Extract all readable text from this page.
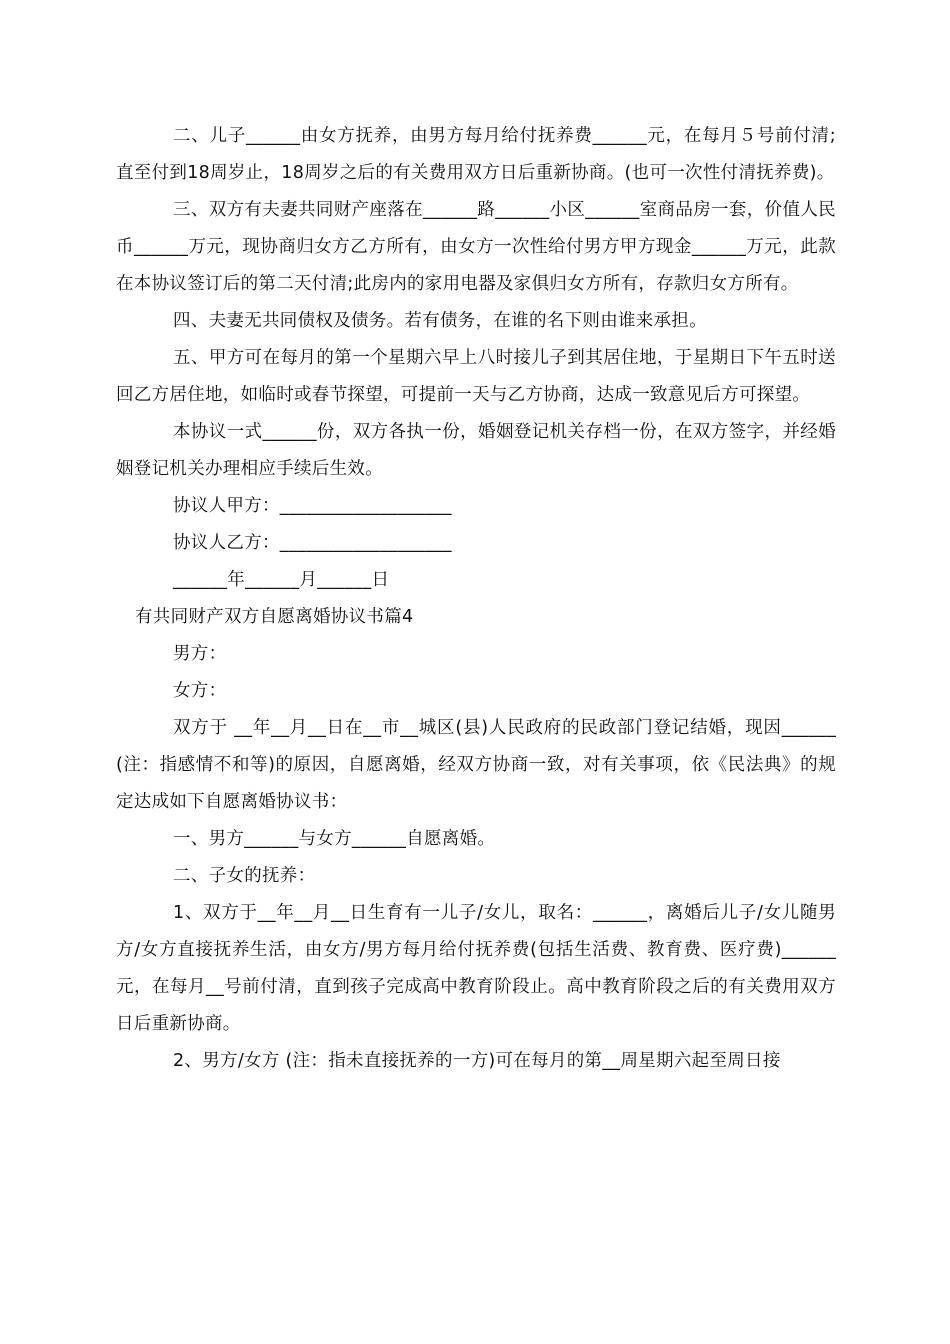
二、儿子______由女方抚养，由男方每月给付抚养费______元，在每月５号前付清;直至付到18周岁止，18周岁之后的有关费用双方日后重新协商。(也可一次性付清抚养费)。

三、双方有夫妻共同财产座落在______路______小区______室商品房一套，价值人民币______万元，现协商归女方乙方所有，由女方一次性给付男方甲方现金______万元，此款在本协议签订后的第二天付清;此房内的家用电器及家俱归女方所有，存款归女方所有。

四、夫妻无共同债权及债务。若有债务，在谁的名下则由谁来承担。

五、甲方可在每月的第一个星期六早上八时接儿子到其居住地，于星期日下午五时送回乙方居住地，如临时或春节探望，可提前一天与乙方协商，达成一致意见后方可探望。

本协议一式______份，双方各执一份，婚姻登记机关存档一份，在双方签字，并经婚姻登记机关办理相应手续后生效。

协议人甲方：___________________

协议人乙方：___________________

______年______月______日

有共同财产双方自愿离婚协议书篇4

男方：

女方：

双方于 __年__月__日在__市__城区(县)人民政府的民政部门登记结婚，现因______(注：指感情不和等)的原因，自愿离婚，经双方协商一致，对有关事项，依《民法典》的规定达成如下自愿离婚协议书：

一、男方______与女方______自愿离婚。

二、子女的抚养：

1、双方于__年__月__日生育有一儿子/女儿，取名：______，离婚后儿子/女儿随男方/女方直接抚养生活，由女方/男方每月给付抚养费(包括生活费、教育费、医疗费)______元，在每月__号前付清，直到孩子完成高中教育阶段止。高中教育阶段之后的有关费用双方日后重新协商。

2、男方/女方 (注：指未直接抚养的一方)可在每月的第__周星期六起至周日接
